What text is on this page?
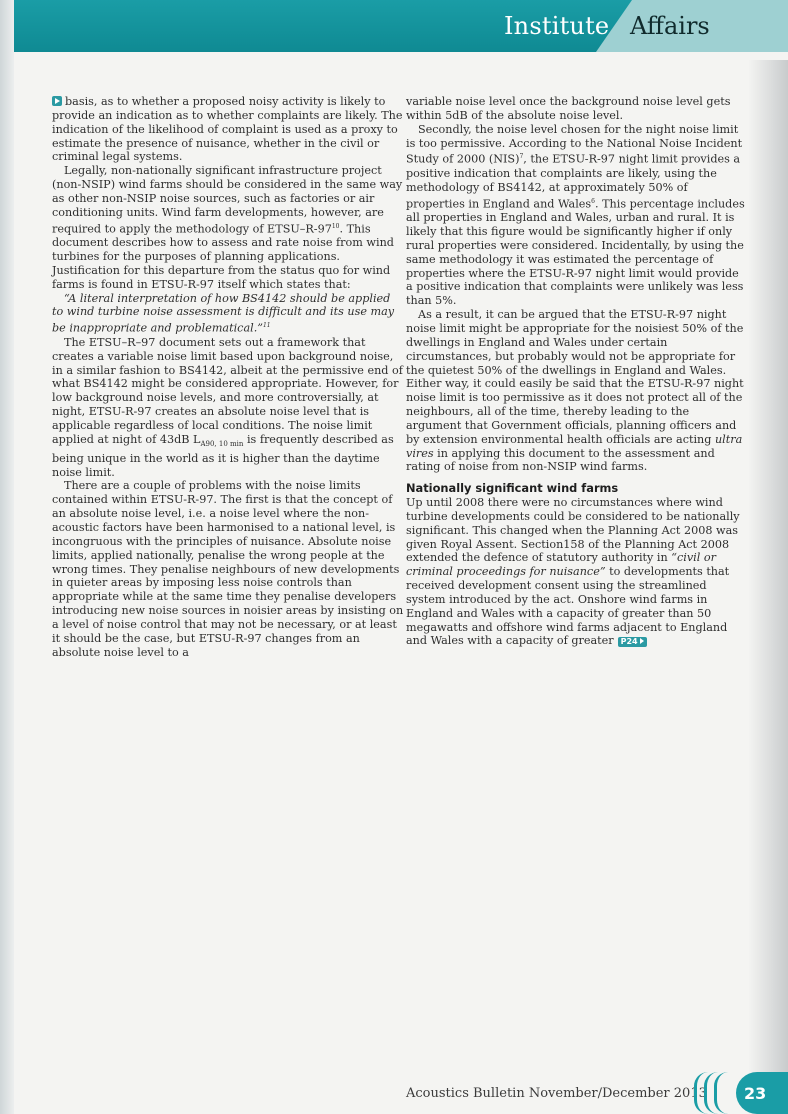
Institute Affairs

basis, as to whether a proposed noisy activity is likely to provide an indication as to whether complaints are likely. The indication of the likelihood of complaint is used as a proxy to estimate the presence of nuisance, whether in the civil or criminal legal systems.

Legally, non-nationally significant infrastructure project (non-NSIP) wind farms should be considered in the same way as other non-NSIP noise sources, such as factories or air conditioning units. Wind farm developments, however, are required to apply the methodology of ETSU–$R-97^{10}$. This document describes how to assess and rate noise from wind turbines for the purposes of planning applications. Justification for this departure from the status quo for wind farms is found in ETSU-R-97 itself which states that:

“A literal interpretation of how BS4142 should be applied to wind turbine noise assessment is difficult and its use may be inappropriate and problematical.”$^{11}$

The ETSU–R–97 document sets out a framework that creates a variable noise limit based upon background noise, in a similar fashion to BS4142, albeit at the permissive end of what BS4142 might be considered appropriate. However, for low background noise levels, and more controversially, at night, ETSU-R-97 creates an absolute noise level that is applicable regardless of local conditions. The noise limit applied at night of 43dB $L_{A90, 10 min}$ is frequently described as being unique in the world as it is higher than the daytime noise limit.

There are a couple of problems with the noise limits contained within ETSU-R-97. The first is that the concept of an absolute noise level, i.e. a noise level where the non-acoustic factors have been harmonised to a national level, is incongruous with the principles of nuisance. Absolute noise limits, applied nationally, penalise the wrong people at the wrong times. They penalise neighbours of new developments in quieter areas by imposing less noise controls than appropriate while at the same time they penalise developers introducing new noise sources in noisier areas by insisting on a level of noise control that may not be necessary, or at least it should be the case, but ETSU-R-97 changes from an absolute noise level to a

variable noise level once the background noise level gets within 5dB of the absolute noise level.

Secondly, the noise level chosen for the night noise limit is too permissive. According to the National Noise Incident Study of 2000 (NIS)$^7$, the ETSU-R-97 night limit provides a positive indication that complaints are likely, using the methodology of BS4142, at approximately 50% of properties in England and Wales$^6$. This percentage includes all properties in England and Wales, urban and rural. It is likely that this figure would be significantly higher if only rural properties were considered. Incidentally, by using the same methodology it was estimated the percentage of properties where the ETSU-R-97 night limit would provide a positive indication that complaints were unlikely was less than 5%.

As a result, it can be argued that the ETSU-R-97 night noise limit might be appropriate for the noisiest 50% of the dwellings in England and Wales under certain circumstances, but probably would not be appropriate for the quietest 50% of the dwellings in England and Wales. Either way, it could easily be said that the ETSU-R-97 night noise limit is too permissive as it does not protect all of the neighbours, all of the time, thereby leading to the argument that Government officials, planning officers and by extension environmental health officials are acting ultra vires in applying this document to the assessment and rating of noise from non-NSIP wind farms.

Nationally significant wind farms

Up until 2008 there were no circumstances where wind turbine developments could be considered to be nationally significant. This changed when the Planning Act 2008 was given Royal Assent. Section158 of the Planning Act 2008 extended the defence of statutory authority in “civil or criminal proceedings for nuisance” to developments that received development consent using the streamlined system introduced by the act. Onshore wind farms in England and Wales with a capacity of greater than 50 megawatts and offshore wind farms adjacent to England and Wales with a capacity of greater P24

Acoustics Bulletin November/December 2013 23
